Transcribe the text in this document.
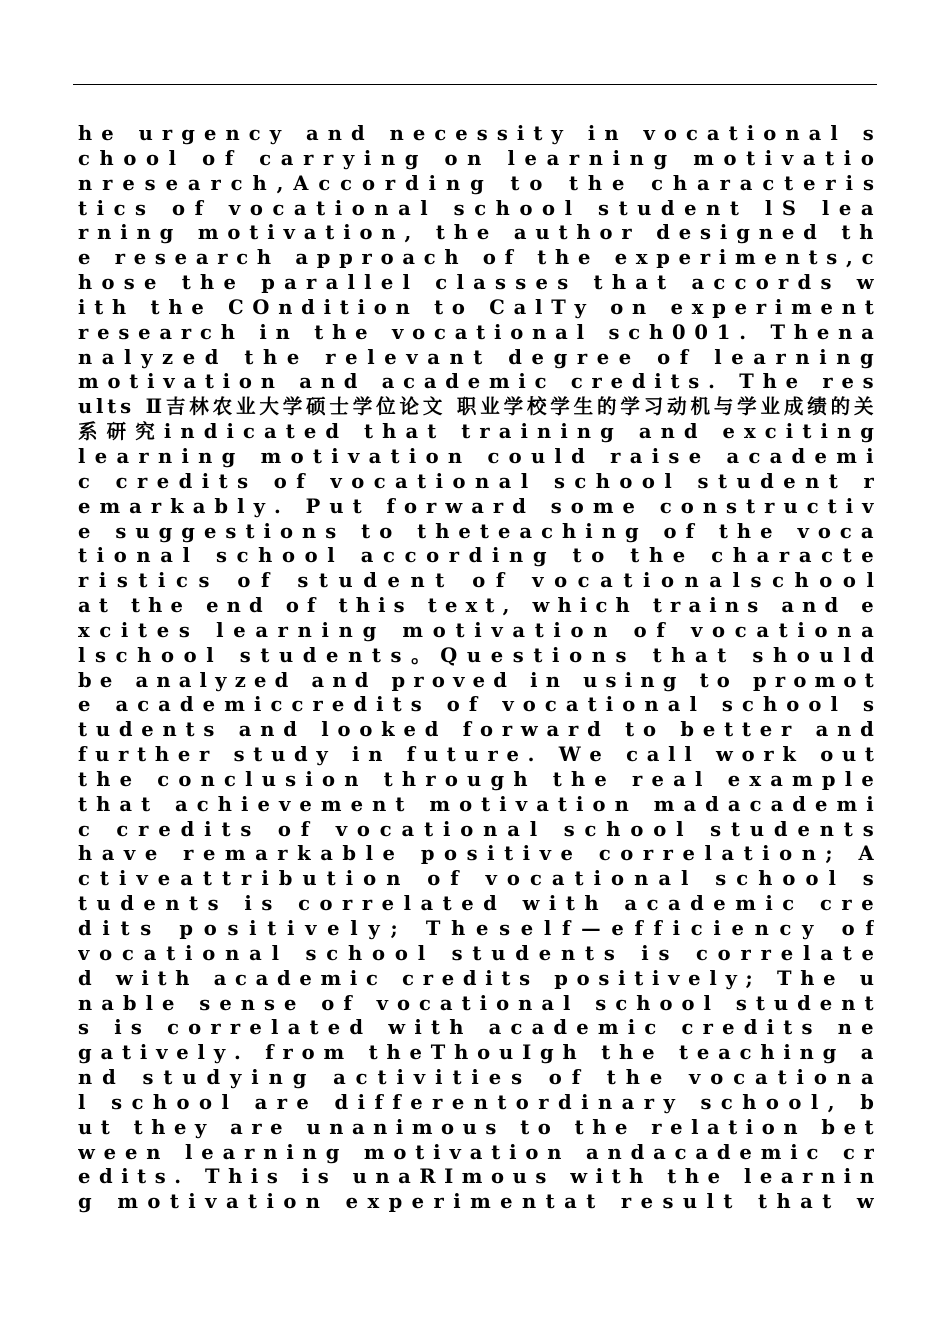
h e
u r g e n c y
a n d
n e c e s s i t y
i n
v o c a t i o n a l
s
c h o o l
o f
c a r r y i n g
o n
l e a r n i n g
m o t i v a t i o
n r e s e a r c h , A c c o r d i n g
t o
t h e
c h a r a c t e r i s
t i c s
o f
v o c a t i o n a l
s c h o o l
s t u d e n t
l S
l e a
r n i n g
m o t i v a t i o n ,
t h e
a u t h o r
d e s i g n e d
t h
e
r e s e a r c h
a p p r o a c h
o f
t h e
e x p e r i m e n t s , c
h o s e
t h e
p a r a l l e l
c l a s s e s
t h a t
a c c o r d s
w
i t h
t h e
C O n d i t i o n
t o
C a l T y
o n
e x p e r i m e n t
r e s e a r c h
i n
t h e
v o c a t i o n a l
s c h 0 0 1 .
T h e n a
n a l y z e d
t h e
r e l e v a n t
d e g r e e
o f
l e a r n i n g
m o t i v a t i o n
a n d
a c a d e m i c
c r e d i t s .
T h e
r e s
u l t s
Ⅱ 吉 林 农 业 大 学 硕 士 学 位 论 文
职 业 学 校 学 生 的 学 习 动 机 与 学 业 成 绩 的 关
系 研 究 i n d i c a t e d
t h a t
t r a i n i n g
a n d
e x c i t i n g
l e a r n i n g
m o t i v a t i o n
c o u l d
r a i s e
a c a d e m i
c
c r e d i t s
o f
v o c a t i o n a l
s c h o o l
s t u d e n t
r
e m a r k a b l y .
P u t
f o r w a r d
s o m e
c o n s t r u c t i v
e
s u g g e s t i o n s
t o
t h e t e a c h i n g
o f
t h e
v o c a
t i o n a l
s c h o o l
a c c o r d i n g
t o
t h e
c h a r a c t e
r i s t i c s
o f
s t u d e n t
o f
v o c a t i o n a l s c h o o l
a t
t h e
e n d
o f
t h i s
t e x t ,
w h i c h
t r a i n s
a n d
e
x c i t e s
l e a r n i n g
m o t i v a t i o n
o f
v o c a t i o n a
l s c h o o l
s t u d e n t s 。 Q u e s t i o n s
t h a t
s h o u l d
b e
a n a l y z e d
a n d
p r o v e d
i n
u s i n g
t o
p r o m o t
e
a c a d e m i c c r e d i t s
o f
v o c a t i o n a l
s c h o o l
s
t u d e n t s
a n d
l o o k e d
f o r w a r d
t o
b e t t e r
a n d
f u r t h e r
s t u d y
i n
f u t u r e .
W e
c a l l
w o r k
o u t
t h e
c o n c l u s i o n
t h r o u g h
t h e
r e a l
e x a m p l e
t h a t
a c h i e v e m e n t
m o t i v a t i o n
m a d a c a d e m i
c
c r e d i t s
o f
v o c a t i o n a l
s c h o o l
s t u d e n t s
h a v e
r e m a r k a b l e
p o s i t i v e
c o r r e l a t i o n ;
A
c t i v e a t t r i b u t i o n
o f
v o c a t i o n a l
s c h o o l
s
t u d e n t s
i s
c o r r e l a t e d
w i t h
a c a d e m i c
c r e
d i t s
p o s i t i v e l y ;
T h e s e l f — e f f i c i e n c y
o f
v o c a t i o n a l
s c h o o l
s t u d e n t s
i s
c o r r e l a t e
d
w i t h
a c a d e m i c
c r e d i t s
p o s i t i v e l y ;
T h e
u
n a b l e
s e n s e
o f
v o c a t i o n a l
s c h o o l
s t u d e n t
s
i s
c o r r e l a t e d
w i t h
a c a d e m i c
c r e d i t s
n e
g a t i v e l y .
f r o m
t h e T h o u I g h
t h e
t e a c h i n g
a
n d
s t u d y i n g
a c t i v i t i e s
o f
t h e
v o c a t i o n a
l
s c h o o l
a r e
d i f f e r e n t o r d i n a r y
s c h o o l ,
b
u t
t h e y
a r e
u n a n i m o u s
t o
t h e
r e l a t i o n
b e t
w e e n
l e a r n i n g
m o t i v a t i o n
a n d a c a d e m i c
c r
e d i t s .
T h i s
i s
u n a R I m o u s
w i t h
t h e
l e a r n i n
g
m o t i v a t i o n
e x p e r i m e n t a t
r e s u l t
t h a t
w
